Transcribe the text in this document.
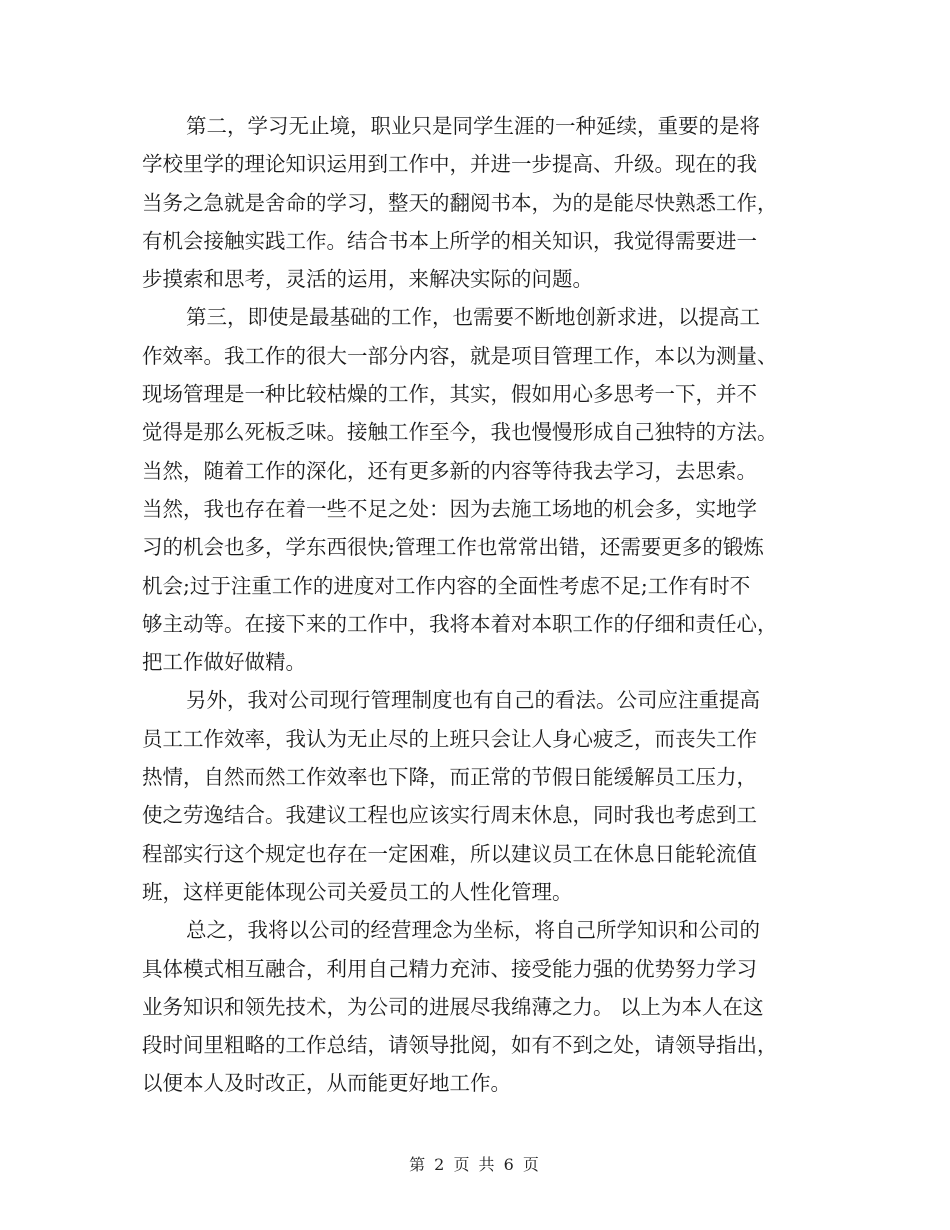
第二，学习无止境，职业只是同学生涯的一种延续，重要的是将
学校里学的理论知识运用到工作中，并进一步提高、升级。现在的我
当务之急就是舍命的学习，整天的翻阅书本，为的是能尽快熟悉工作，
有机会接触实践工作。结合书本上所学的相关知识，我觉得需要进一
步摸索和思考，灵活的运用，来解决实际的问题。
第三，即使是最基础的工作，也需要不断地创新求进，以提高工
作效率。我工作的很大一部分内容，就是项目管理工作，本以为测量、
现场管理是一种比较枯燥的工作，其实，假如用心多思考一下，并不
觉得是那么死板乏味。接触工作至今，我也慢慢形成自己独特的方法。
当然，随着工作的深化，还有更多新的内容等待我去学习，去思索。
当然，我也存在着一些不足之处：因为去施工场地的机会多，实地学
习的机会也多，学东西很快;管理工作也常常出错，还需要更多的锻炼
机会;过于注重工作的进度对工作内容的全面性考虑不足;工作有时不
够主动等。在接下来的工作中，我将本着对本职工作的仔细和责任心，
把工作做好做精。
另外，我对公司现行管理制度也有自己的看法。公司应注重提高
员工工作效率，我认为无止尽的上班只会让人身心疲乏，而丧失工作
热情，自然而然工作效率也下降，而正常的节假日能缓解员工压力，
使之劳逸结合。我建议工程也应该实行周末休息，同时我也考虑到工
程部实行这个规定也存在一定困难，所以建议员工在休息日能轮流值
班，这样更能体现公司关爱员工的人性化管理。
总之，我将以公司的经营理念为坐标，将自己所学知识和公司的
具体模式相互融合，利用自己精力充沛、接受能力强的优势努力学习
业务知识和领先技术，为公司的进展尽我绵薄之力。 以上为本人在这
段时间里粗略的工作总结，请领导批阅，如有不到之处，请领导指出，
以便本人及时改正，从而能更好地工作。
第 2 页 共 6 页
